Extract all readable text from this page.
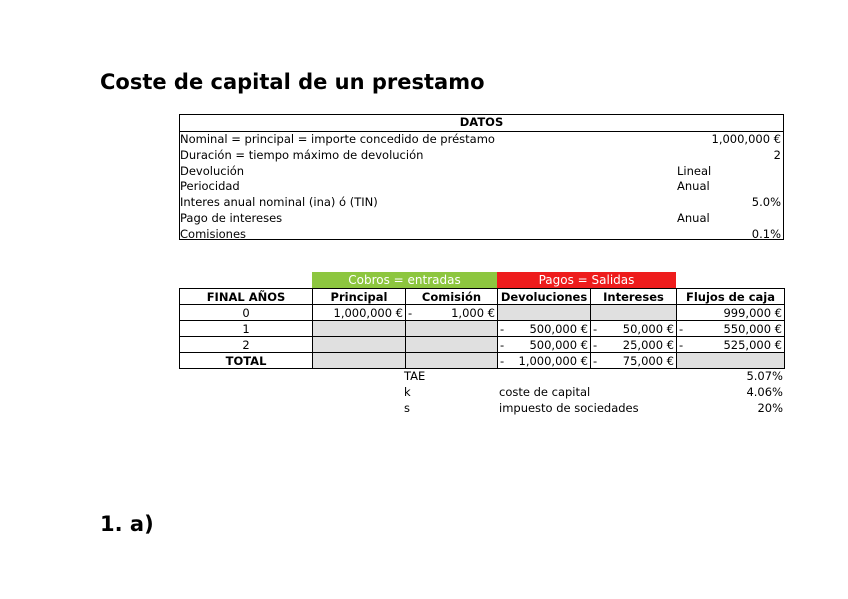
Coste de capital de un prestamo
DATOS
Nominal = principal = importe concedido de préstamo	1,000,000 €
Duración = tiempo máximo de devolución	2
Devolución	Lineal
Periocidad	Anual
Interes anual nominal (ina) ó (TIN)	5.0%
Pago de intereses	Anual
Comisiones	0.1%
Cobros = entradas	Pagos = Salidas
FINAL AÑOS	Principal	Comisión	Devoluciones	Intereses	Flujos de caja
0	1,000,000 €	- 1,000 €			999,000 €
1			- 500,000 €	- 50,000 €	- 550,000 €

2			- 500,000 €	- 25,000 €	- 525,000 €

TOTAL			- 1,000,000 €	- 75,000 €	

TAE	5.07%
k	coste de capital	4.06%
s	impuesto de sociedades	20%
1. a)
